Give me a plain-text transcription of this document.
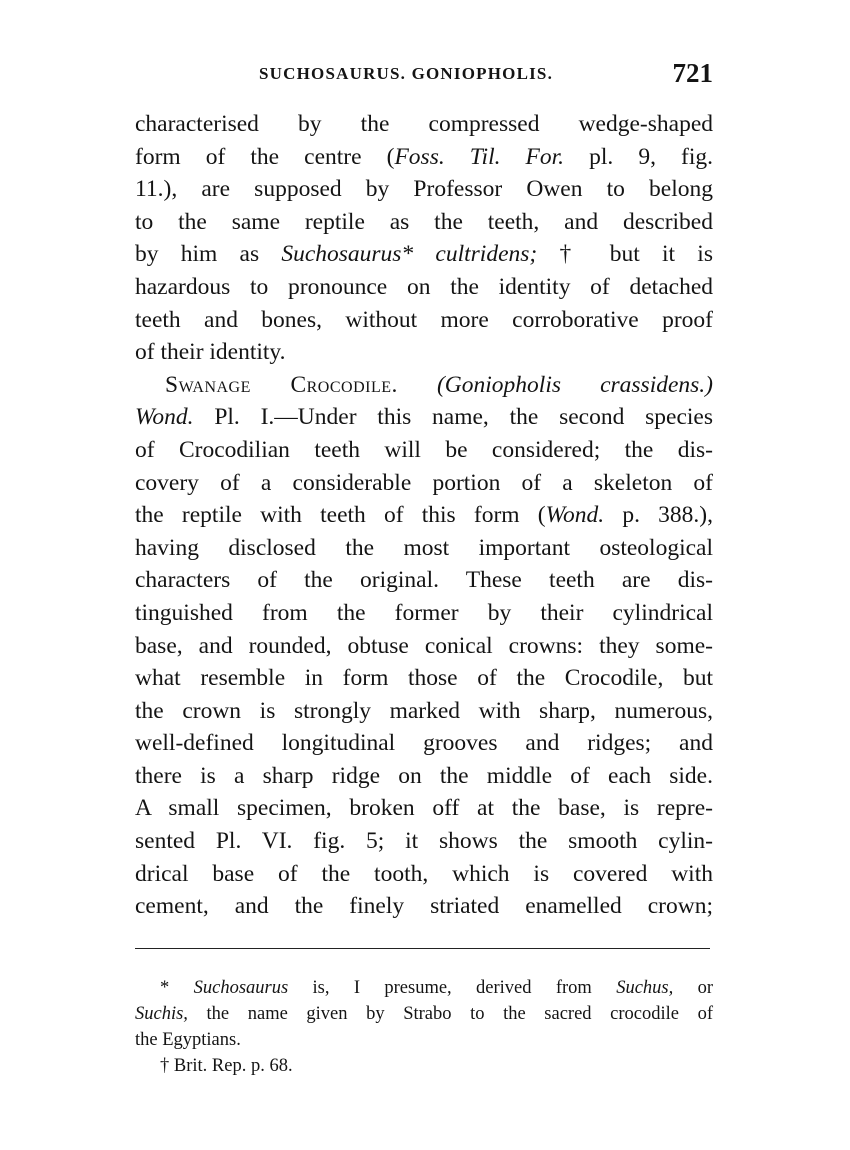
SUCHOSAURUS. GONIOPHOLIS.	721
characterised by the compressed wedge-shaped
form of the centre (Foss. Til. For. pl. 9, fig.
11.), are supposed by Professor Owen to belong
to the same reptile as the teeth, and described
by him as Suchosaurus* cultridens; † but it is
hazardous to pronounce on the identity of detached
teeth and bones, without more corroborative proof
of their identity.
Swanage Crocodile. (Goniopholis crassidens.)
Wond. Pl. I.—Under this name, the second species
of Crocodilian teeth will be considered; the dis-
covery of a considerable portion of a skeleton of
the reptile with teeth of this form (Wond. p. 388.),
having disclosed the most important osteological
characters of the original. These teeth are dis-
tinguished from the former by their cylindrical
base, and rounded, obtuse conical crowns: they some-
what resemble in form those of the Crocodile, but
the crown is strongly marked with sharp, numerous,
well-defined longitudinal grooves and ridges; and
there is a sharp ridge on the middle of each side.
A small specimen, broken off at the base, is repre-
sented Pl. VI. fig. 5; it shows the smooth cylin-
drical base of the tooth, which is covered with
cement, and the finely striated enamelled crown;
* Suchosaurus is, I presume, derived from Suchus, or
Suchis, the name given by Strabo to the sacred crocodile of
the Egyptians.
† Brit. Rep. p. 68.
